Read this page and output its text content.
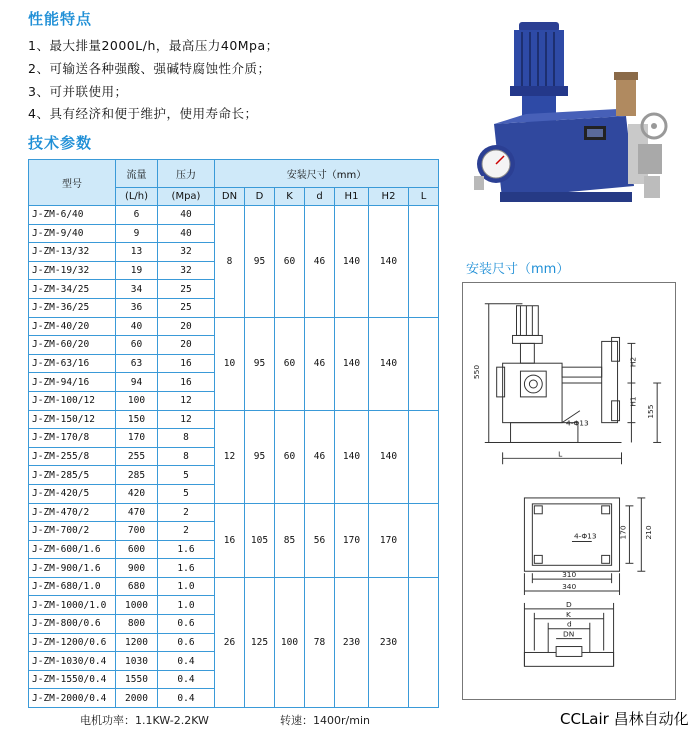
性能特点
1、最大排量2000L/h，最高压力40Mpa；
2、可输送各种强酸、强碱特腐蚀性介质；
3、可并联使用；
4、具有经济和便于维护，使用寿命长；
技术参数
型号	流量	压力	安装尺寸（mm）						
	(L/h)	(Mpa)	DN	D	K	d	H1	H2	L
J-ZM-6/40	6	40	8	95	60	46	140	140	
J-ZM-9/40	9	40							
J-ZM-13/32	13	32							
J-ZM-19/32	19	32							
J-ZM-34/25	34	25							
J-ZM-36/25	36	25							
J-ZM-40/20	40	20	10	95	60	46	140	140	
J-ZM-60/20	60	20							
J-ZM-63/16	63	16							
J-ZM-94/16	94	16							
J-ZM-100/12	100	12							
J-ZM-150/12	150	12	12	95	60	46	140	140	
J-ZM-170/8	170	8							
J-ZM-255/8	255	8							
J-ZM-285/5	285	5							
J-ZM-420/5	420	5							
J-ZM-470/2	470	2	16	105	85	56	170	170	
J-ZM-700/2	700	2							
J-ZM-600/1.6	600	1.6							
J-ZM-900/1.6	900	1.6							
J-ZM-680/1.0	680	1.0	26	125	100	78	230	230	
J-ZM-1000/1.0	1000	1.0							
J-ZM-800/0.6	800	0.6							
J-ZM-1200/0.6	1200	0.6							
J-ZM-1030/0.4	1030	0.4							
J-ZM-1550/0.4	1550	0.4							
J-ZM-2000/0.4	2000	0.4							
电机功率：1.1KW-2.2KW	转速：1400r/min
安装尺寸（mm）
550
H2
H1
155
4-Φ13
L
170 210
4-Φ13
310
340
D
K
d
DN
CCLair 昌林自动化
